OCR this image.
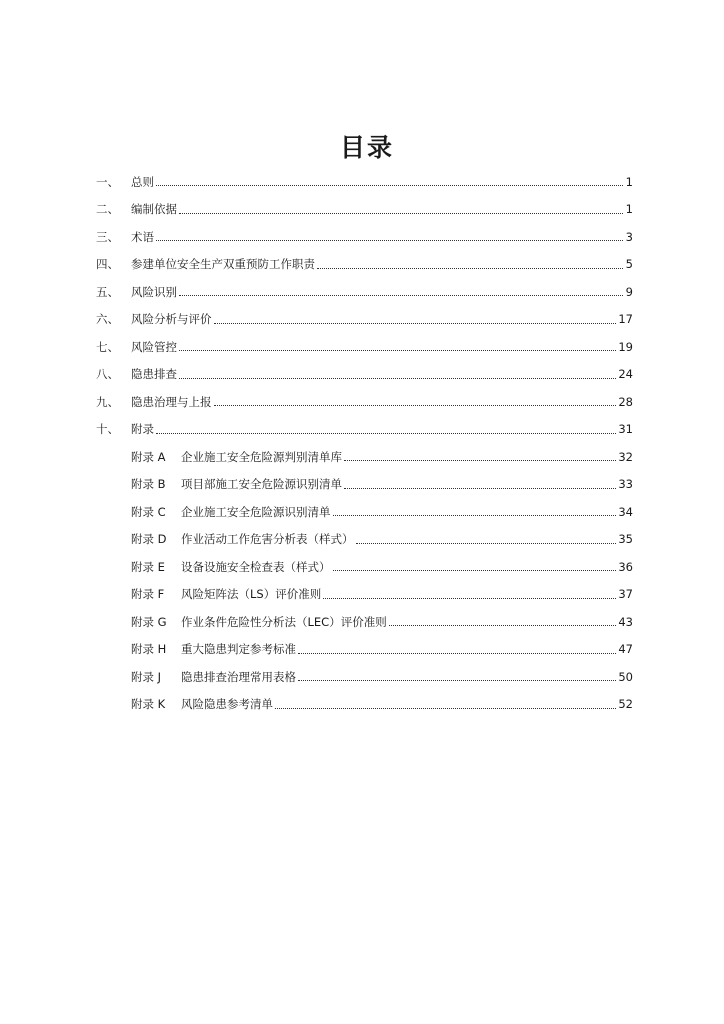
目录
一、	总则	1
二、	编制依据	1
三、	术语	3
四、	参建单位安全生产双重预防工作职责	5
五、	风险识别	9
六、	风险分析与评价	17
七、	风险管控	19
八、	隐患排查	24
九、	隐患治理与上报	28
十、	附录	31
附录 A	企业施工安全危险源判别清单库	32
附录 B	项目部施工安全危险源识别清单	33
附录 C	企业施工安全危险源识别清单	34
附录 D	作业活动工作危害分析表（样式）	35
附录 E	设备设施安全检查表（样式）	36
附录 F	风险矩阵法（LS）评价准则	37
附录 G	作业条件危险性分析法（LEC）评价准则	43
附录 H	重大隐患判定参考标准	47
附录 J	隐患排查治理常用表格	50
附录 K	风险隐患参考清单	52
